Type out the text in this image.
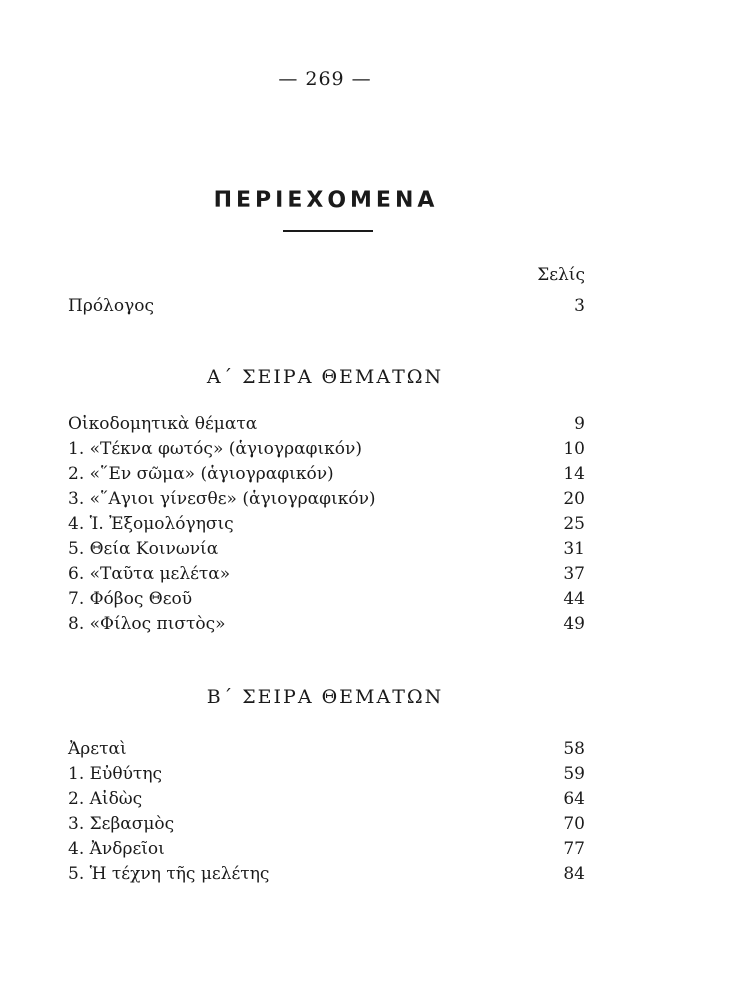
— 269 —
ΠΕΡΙΕΧΟΜΕΝΑ
Σελίς
Πρόλογος	3
Α΄ ΣΕΙΡΑ ΘΕΜΑΤΩΝ
Οἰκοδομητικὰ θέματα	9
1. «Τέκνα φωτός» (ἁγιογραφικόν)	10
2. «῞Εν σῶμα» (ἁγιογραφικόν)	14
3. «῞Αγιοι γίνεσθε» (ἁγιογραφικόν)	20
4. Ἱ. Ἐξομολόγησις	25
5. Θεία Κοινωνία	31
6. «Ταῦτα μελέτα»	37
7. Φόβος Θεοῦ	44
8. «Φίλος πιστὸς»	49
Β΄ ΣΕΙΡΑ ΘΕΜΑΤΩΝ
Ἀρεταὶ	58
1. Εὐθύτης	59
2. Αἰδὼς	64
3. Σεβασμὸς	70
4. Ἀνδρεῖοι	77
5. Ἡ τέχνη τῆς μελέτης	84
